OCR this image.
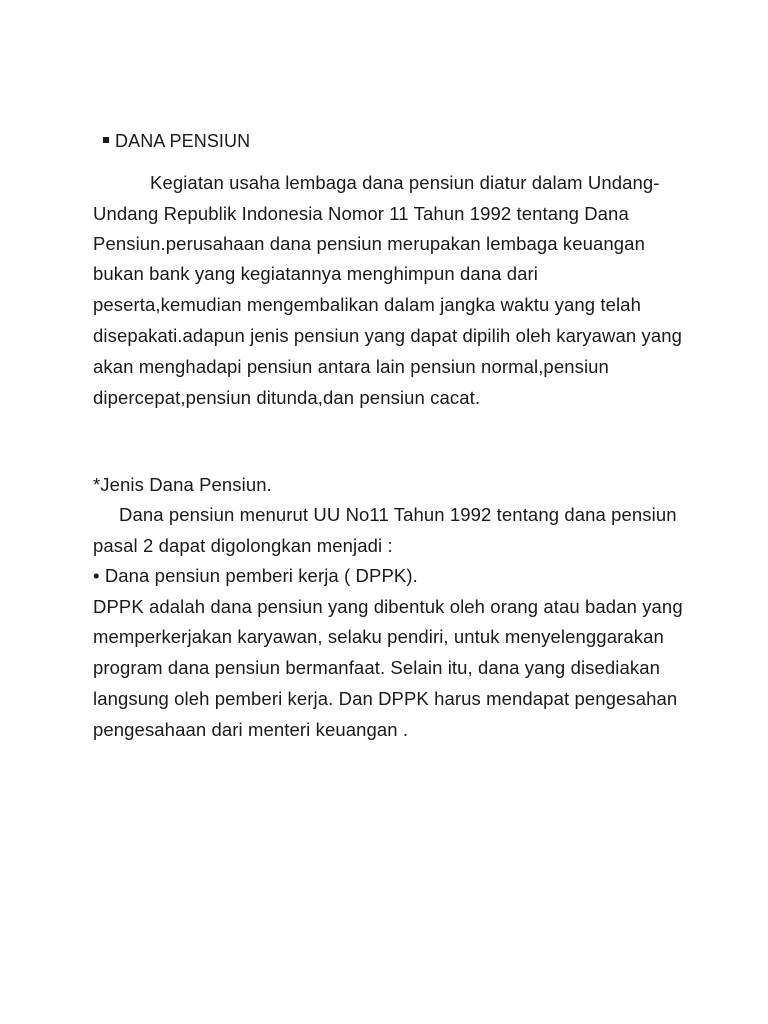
DANA PENSIUN
Kegiatan usaha lembaga dana pensiun diatur dalam Undang-
Undang Republik Indonesia Nomor 11 Tahun 1992 tentang Dana
Pensiun.perusahaan dana pensiun merupakan lembaga keuangan
bukan bank yang kegiatannya menghimpun dana dari
peserta,kemudian mengembalikan dalam jangka waktu yang telah
disepakati.adapun jenis pensiun yang dapat dipilih oleh karyawan yang
akan menghadapi pensiun antara lain pensiun normal,pensiun
dipercepat,pensiun ditunda,dan pensiun cacat.
*Jenis Dana Pensiun.
Dana pensiun menurut UU No11 Tahun 1992 tentang dana pensiun
pasal 2 dapat digolongkan menjadi :
• Dana pensiun pemberi kerja ( DPPK).
DPPK adalah dana pensiun yang dibentuk oleh orang atau badan yang
memperkerjakan karyawan, selaku pendiri, untuk menyelenggarakan
program dana pensiun bermanfaat. Selain itu, dana yang disediakan
langsung oleh pemberi kerja. Dan DPPK harus mendapat pengesahan
pengesahaan dari menteri keuangan .
